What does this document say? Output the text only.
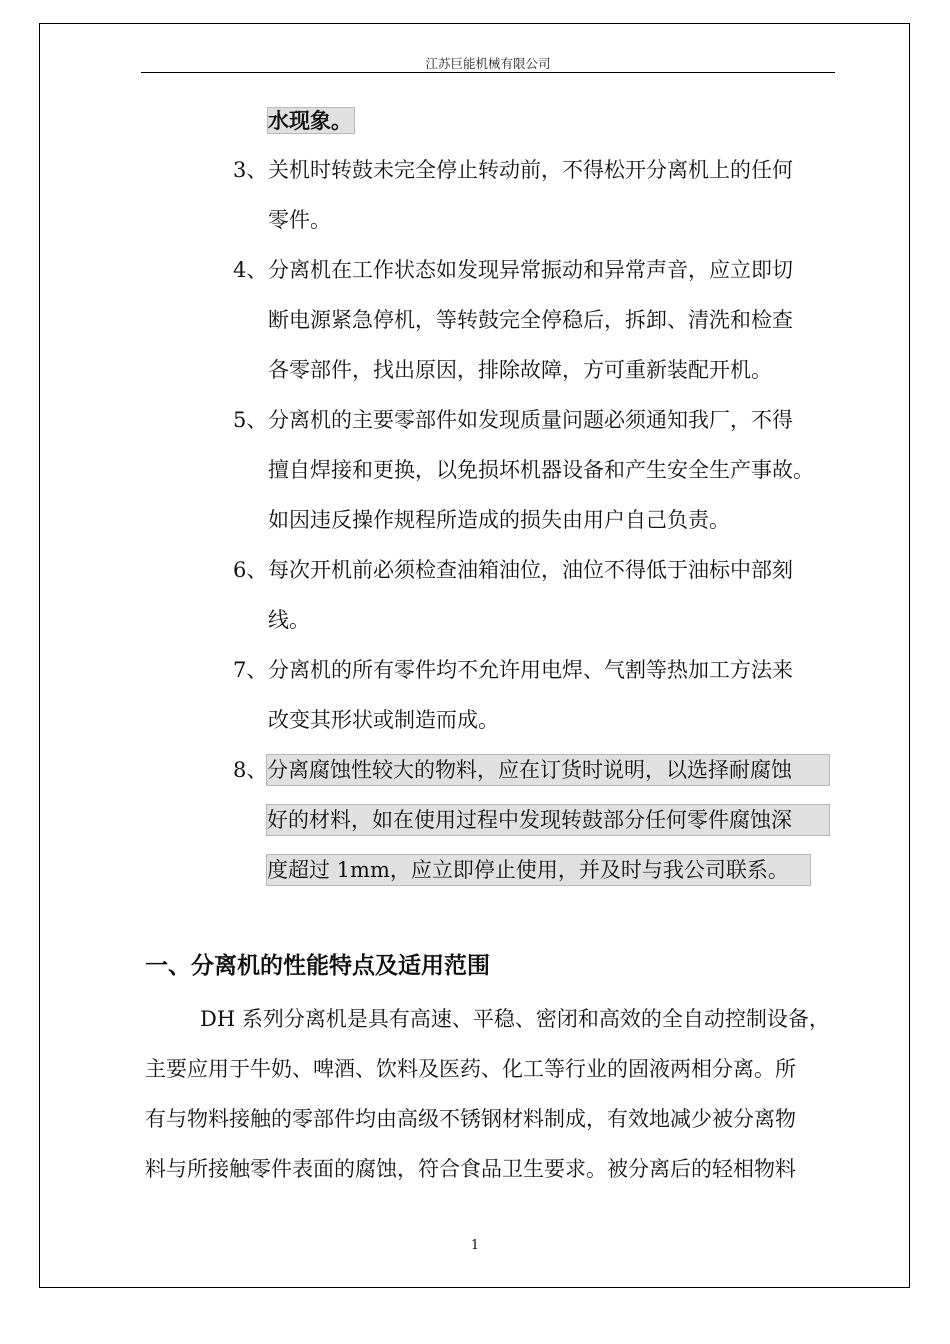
江苏巨能机械有限公司
水现象。
3、 关机时转鼓未完全停止转动前，不得松开分离机上的任何
零件。
4、 分离机在工作状态如发现异常振动和异常声音，应立即切
断电源紧急停机，等转鼓完全停稳后，拆卸、清洗和检查
各零部件，找出原因，排除故障，方可重新装配开机。
5、 分离机的主要零部件如发现质量问题必须通知我厂，不得
擅自焊接和更换，以免损坏机器设备和产生安全生产事故。
如因违反操作规程所造成的损失由用户自己负责。
6、 每次开机前必须检查油箱油位，油位不得低于油标中部刻
线。
7、 分离机的所有零件均不允许用电焊、气割等热加工方法来
改变其形状或制造而成。
8、 分离腐蚀性较大的物料，应在订货时说明，以选择耐腐蚀
好的材料，如在使用过程中发现转鼓部分任何零件腐蚀深
度超过 1mm，应立即停止使用，并及时与我公司联系。
一、分离机的性能特点及适用范围
DH 系列分离机是具有高速、平稳、密闭和高效的全自动控制设备，
主要应用于牛奶、啤酒、饮料及医药、化工等行业的固液两相分离。所
有与物料接触的零部件均由高级不锈钢材料制成，有效地减少被分离物
料与所接触零件表面的腐蚀，符合食品卫生要求。被分离后的轻相物料
1
